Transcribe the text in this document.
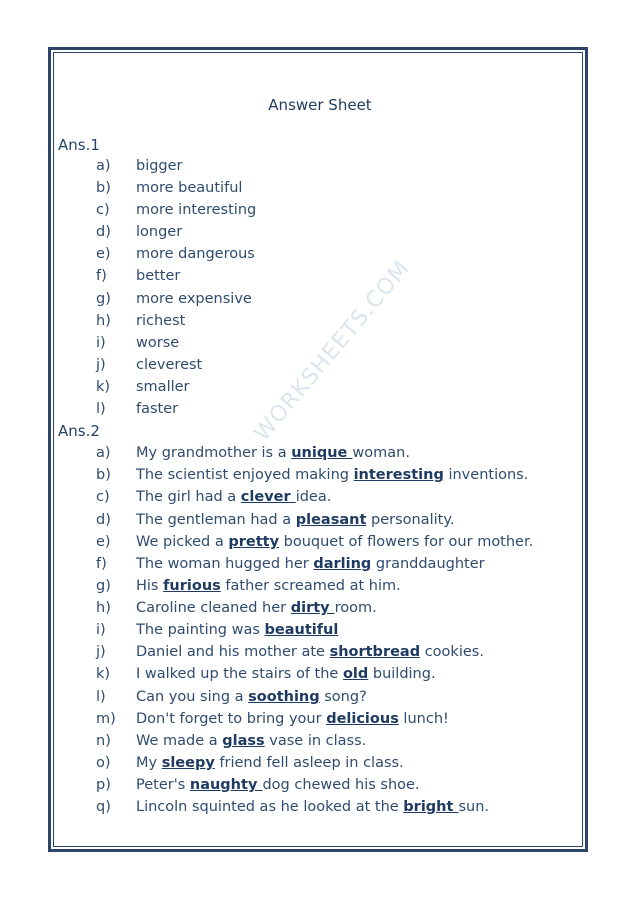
WORKSHEETS.COM
Answer Sheet
Ans.1
a) bigger
b) more beautiful
c) more interesting
d) longer
e) more dangerous
f) better
g) more expensive
h) richest
i) worse
j) cleverest
k) smaller
l) faster
Ans.2
a) My grandmother is a unique woman.
b) The scientist enjoyed making interesting inventions.
c) The girl had a clever idea.
d) The gentleman had a pleasant personality.
e) We picked a pretty bouquet of flowers for our mother.
f) The woman hugged her darling granddaughter
g) His furious father screamed at him.
h) Caroline cleaned her dirty room.
i) The painting was beautiful
j) Daniel and his mother ate shortbread cookies.
k) I walked up the stairs of the old building.
l) Can you sing a soothing song?
m) Don't forget to bring your delicious lunch!
n) We made a glass vase in class.
o) My sleepy friend fell asleep in class.
p) Peter's naughty dog chewed his shoe.
q) Lincoln squinted as he looked at the bright sun.
